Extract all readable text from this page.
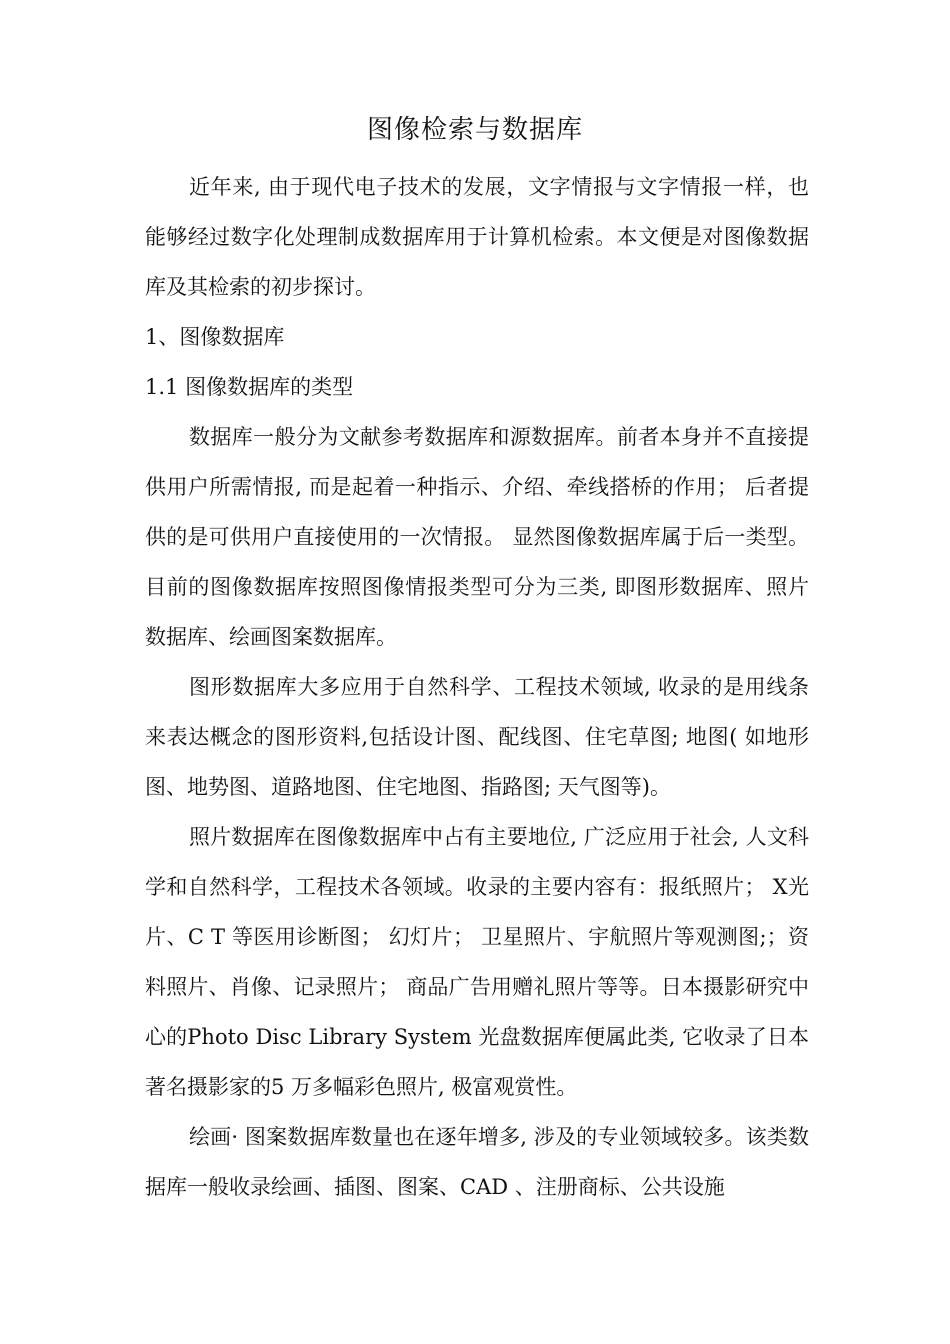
图像检索与数据库

近年来, 由于现代电子技术的发展，文字情报与文字情报一样，也能够经过数字化处理制成数据库用于计算机检索。本文便是对图像数据库及其检索的初步探讨。

1、图像数据库

1.1 图像数据库的类型

数据库一般分为文献参考数据库和源数据库。前者本身并不直接提供用户所需情报, 而是起着一种指示、介绍、牵线搭桥的作用； 后者提供的是可供用户直接使用的一次情报。 显然图像数据库属于后一类型。 目前的图像数据库按照图像情报类型可分为三类, 即图形数据库、照片数据库、绘画图案数据库。

图形数据库大多应用于自然科学、工程技术领域, 收录的是用线条来表达概念的图形资料,包括设计图、配线图、住宅草图; 地图( 如地形图、地势图、道路地图、住宅地图、指路图; 天气图等)。

照片数据库在图像数据库中占有主要地位, 广泛应用于社会, 人文科学和自然科学，工程技术各领域。收录的主要内容有：报纸照片； X光片、C T 等医用诊断图； 幻灯片； 卫星照片、宇航照片等观测图;；资料照片、肖像、记录照片； 商品广告用赠礼照片等等。日本摄影研究中心的Photo Disc Library System 光盘数据库便属此类, 它收录了日本著名摄影家的5 万多幅彩色照片, 极富观赏性。

绘画· 图案数据库数量也在逐年增多, 涉及的专业领域较多。该类数据库一般收录绘画、插图、图案、CAD 、注册商标、公共设施
